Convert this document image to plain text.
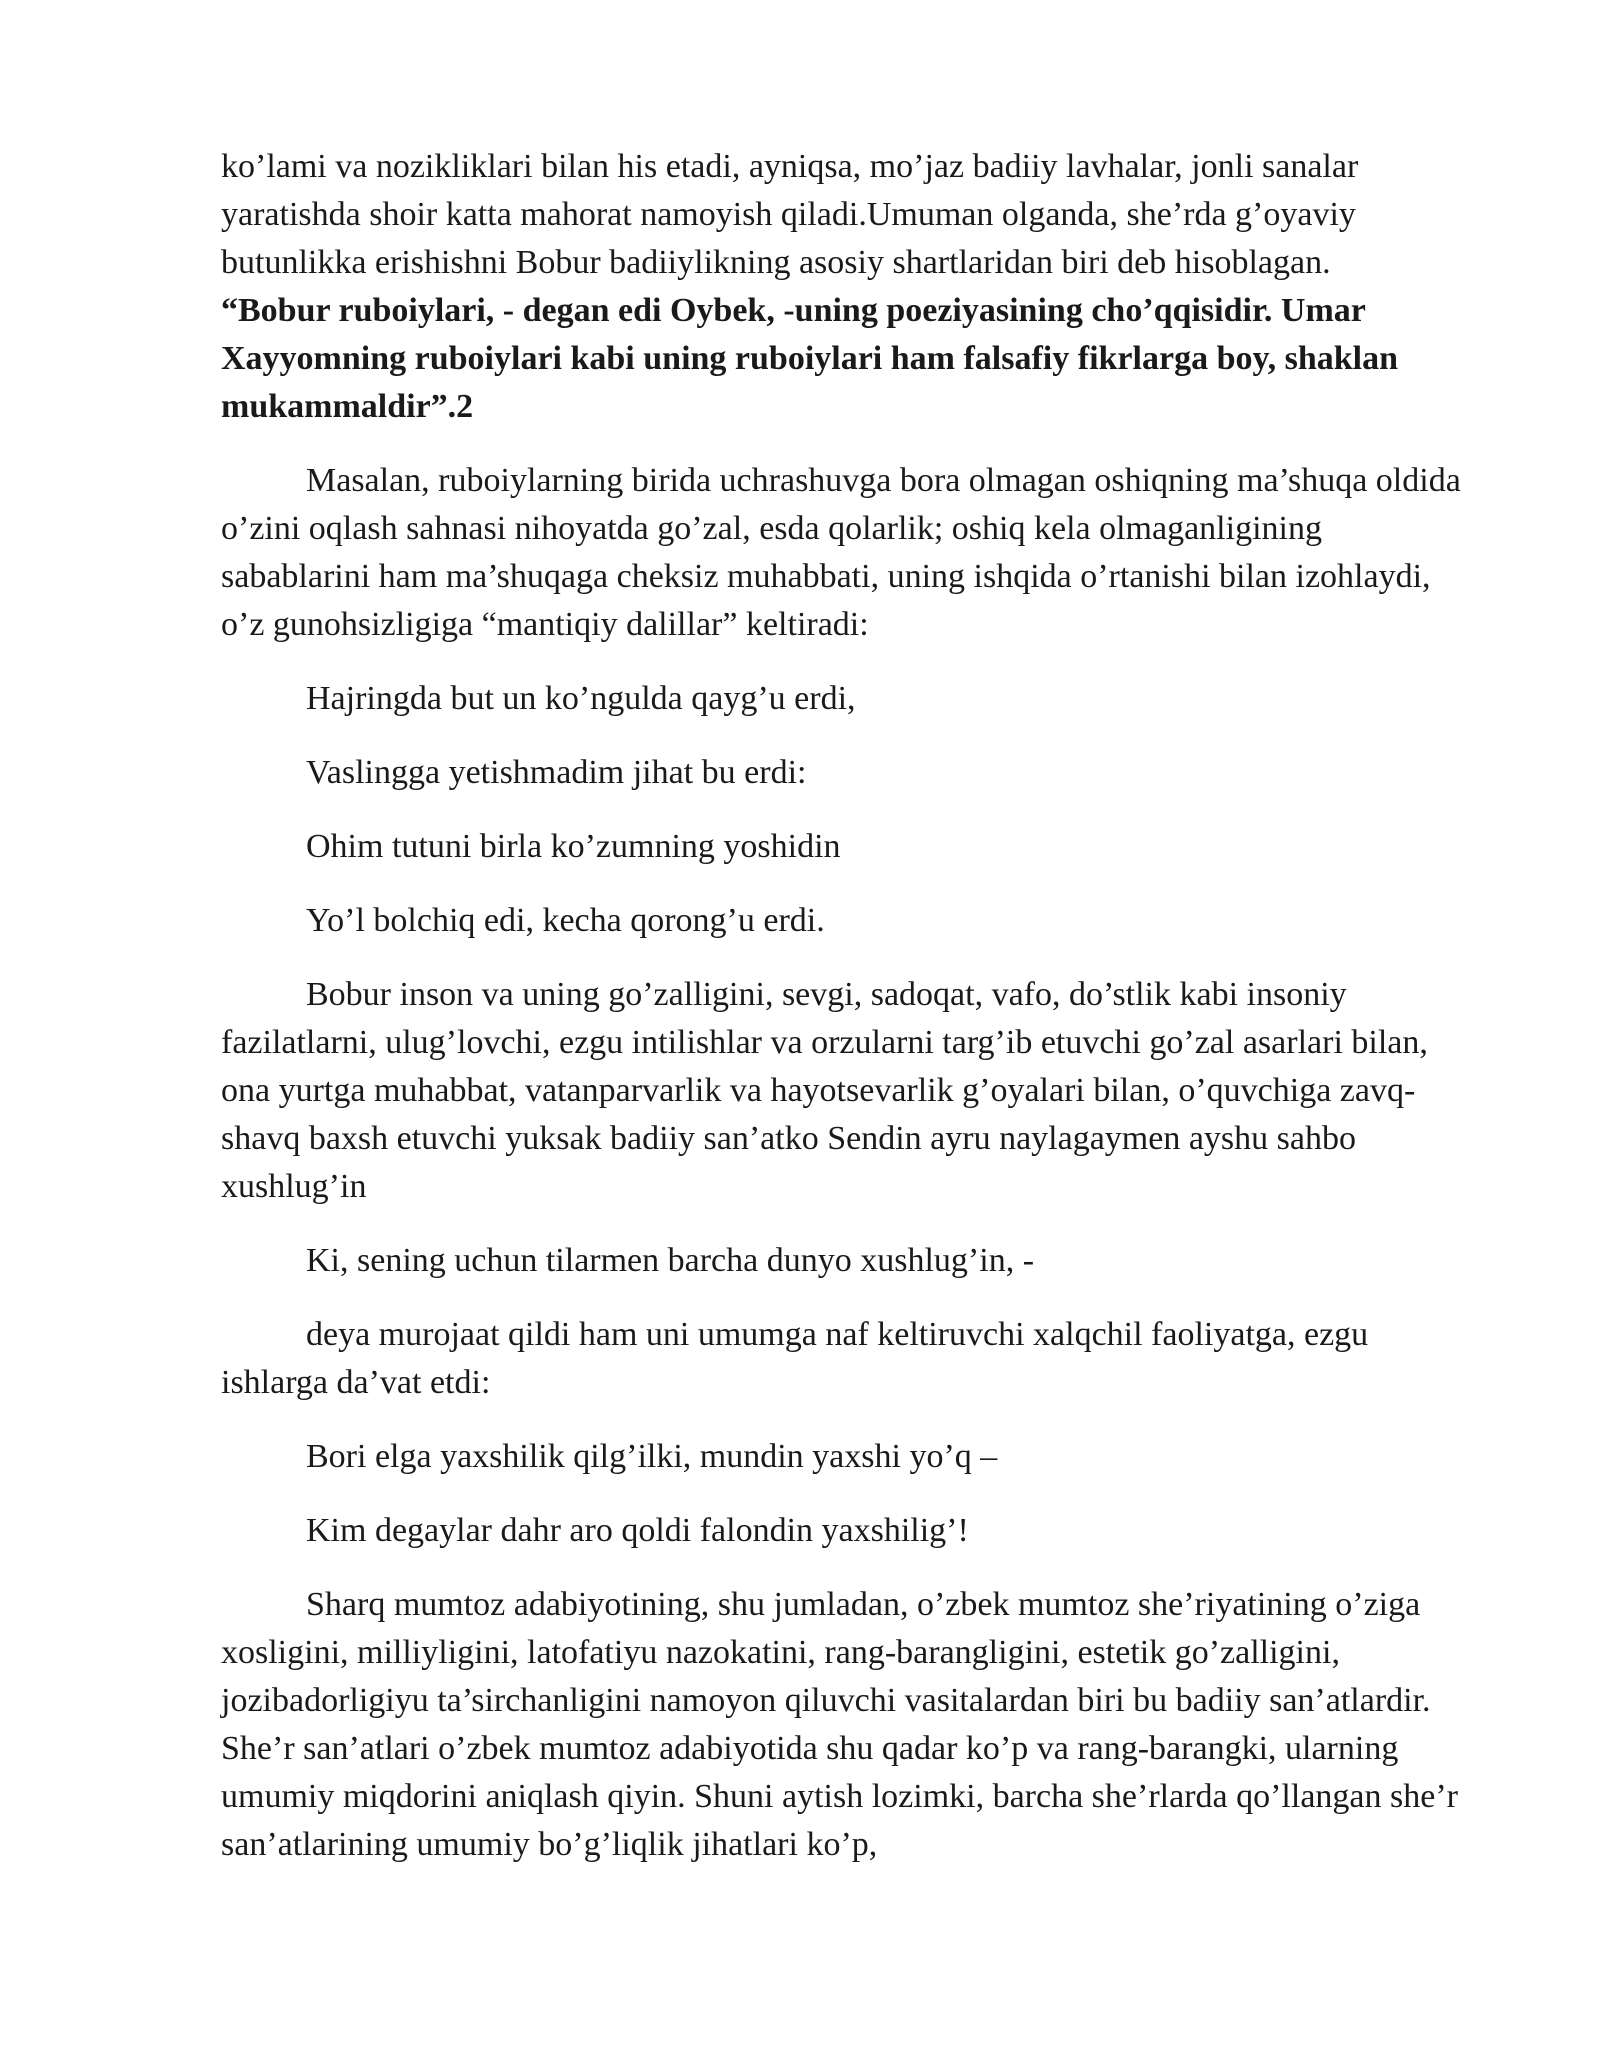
ko’lami va nozikliklari bilan his etadi, ayniqsa, mo’jaz badiiy lavhalar, jonli sanalar yaratishda shoir katta mahorat namoyish qiladi.Umuman olganda, she’rda g’oyaviy butunlikka erishishni Bobur badiiylikning asosiy shartlaridan biri deb hisoblagan.

“Bobur ruboiylari, - degan edi Oybek, -uning poeziyasining cho’qqisidir. Umar Xayyomning ruboiylari kabi uning ruboiylari ham falsafiy fikrlarga boy, shaklan mukammaldir”.2

Masalan, ruboiylarning birida uchrashuvga bora olmagan oshiqning ma’shuqa oldida o’zini oqlash sahnasi nihoyatda go’zal, esda qolarlik; oshiq kela olmaganligining sabablarini ham ma’shuqaga cheksiz muhabbati, uning ishqida o’rtanishi bilan izohlaydi, o’z gunohsizligiga “mantiqiy dalillar” keltiradi:

Hajringda but un ko’ngulda qayg’u erdi,

Vaslingga yetishmadim jihat bu erdi:

Ohim tutuni birla ko’zumning yoshidin

Yo’l bolchiq edi, kecha qorong’u erdi.

Bobur inson va uning go’zalligini, sevgi, sadoqat, vafo, do’stlik kabi insoniy fazilatlarni, ulug’lovchi, ezgu intilishlar va orzularni targ’ib etuvchi go’zal asarlari bilan, ona yurtga muhabbat, vatanparvarlik va hayotsevarlik g’oyalari bilan, o’quvchiga zavq-shavq baxsh etuvchi yuksak badiiy san’atko Sendin ayru naylagaymen ayshu sahbo xushlug’in

Ki, sening uchun tilarmen barcha dunyo xushlug’in, -

deya murojaat qildi ham uni umumga naf keltiruvchi xalqchil faoliyatga, ezgu ishlarga da’vat etdi:

Bori elga yaxshilik qilg’ilki, mundin yaxshi yo’q –

Kim degaylar dahr aro qoldi falondin yaxshilig’!

Sharq mumtoz adabiyotining, shu jumladan, o’zbek mumtoz she’riyatining o’ziga xosligini, milliyligini, latofatiyu nazokatini, rang-barangligini, estetik go’zalligini, jozibadorligiyu ta’sirchanligini namoyon qiluvchi vasitalardan biri bu badiiy san’atlardir. She’r san’atlari o’zbek mumtoz adabiyotida shu qadar ko’p va rang-barangki, ularning umumiy miqdorini aniqlash qiyin. Shuni aytish lozimki, barcha she’rlarda qo’llangan she’r san’atlarining umumiy bo’g’liqlik jihatlari ko’p,
